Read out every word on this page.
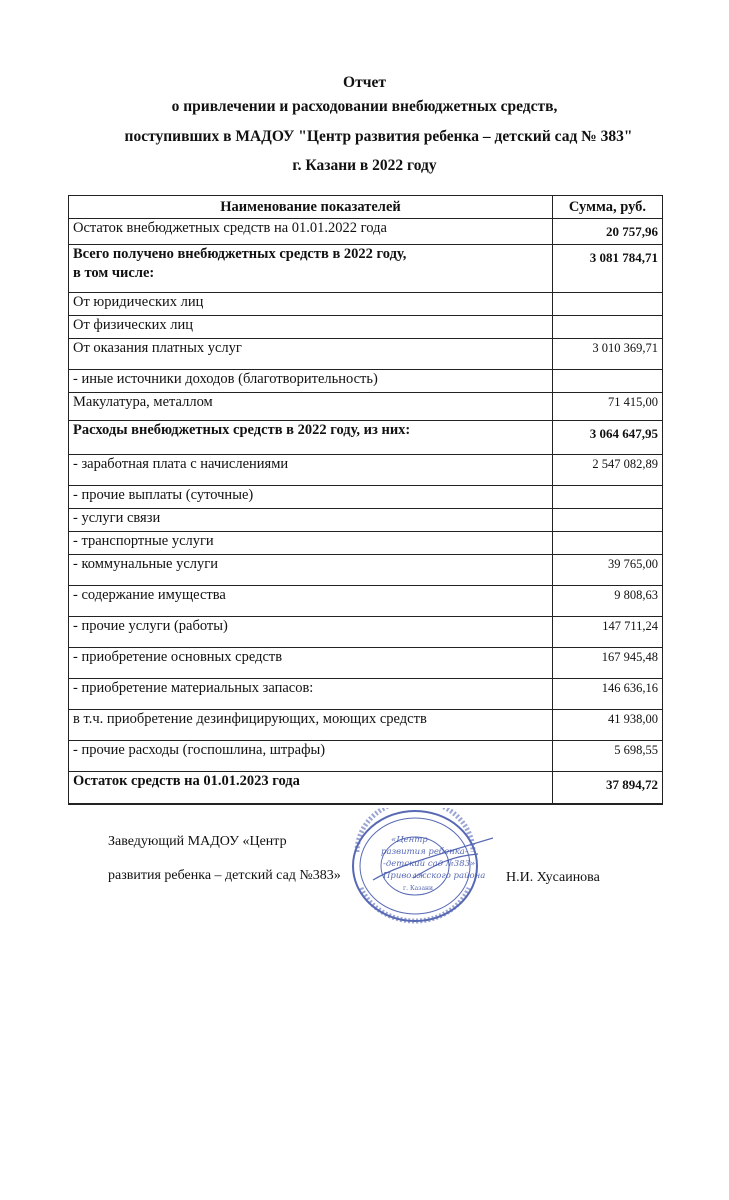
Отчет
о привлечении и расходовании внебюджетных средств,
поступивших в МАДОУ "Центр развития ребенка – детский сад № 383"
г. Казани в 2022 году
Наименование показателей	Сумма, руб.
Остаток внебюджетных средств на 01.01.2022 года	20 757,96
Всего получено внебюджетных средств в 2022 году,
в том числе:	3 081 784,71
От юридических лиц	
От физических лиц	
От оказания платных услуг	3 010 369,71
- иные источники доходов (благотворительность)	
Макулатура, металлом	71 415,00
Расходы внебюджетных средств в 2022 году, из них:	3 064 647,95
- заработная плата с начислениями	2 547 082,89
- прочие выплаты (суточные)	
- услуги связи	
- транспортные услуги	
- коммунальные услуги	39 765,00
- содержание имущества	9 808,63
- прочие услуги (работы)	147 711,24
- приобретение основных средств	167 945,48
- приобретение материальных запасов:	146 636,16
в т.ч. приобретение дезинфицирующих, моющих средств	41 938,00
- прочие расходы (госпошлина, штрафы)	5 698,55
Остаток средств на 01.01.2023 года	37 894,72
Заведующий МАДОУ «Центр
развития ребенка – детский сад №383»	Н.И. Хусаинова
«Центр
развития ребенка-
-детский сад №383»
Приволжского района
г. Казани
